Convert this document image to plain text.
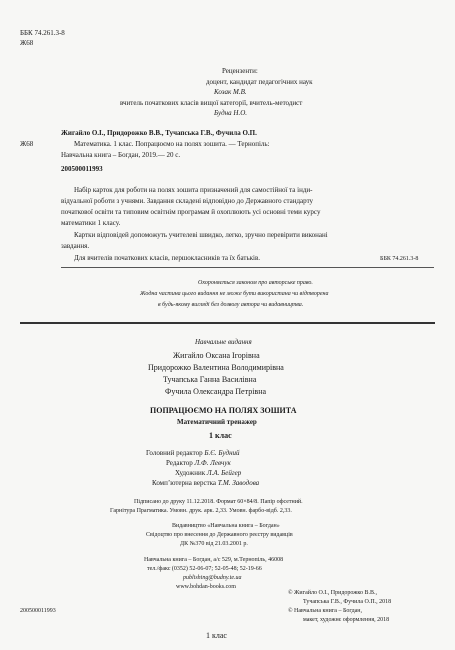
ББК 74.261.3-8
Ж68
Рецензенти:
доцент, кандидат педагогічних наук
Козак М.В.
вчитель початкових класів вищої категорії, вчитель-методист
Будна Н.О.
Ж68
Жигайло О.І., Придорожко В.В., Тучапська Г.В., Фучила О.П.
Математика. 1 клас. Попрацюємо на полях зошита. — Тернопіль:
Навчальна книга – Богдан, 2019.— 20 с.
200500011993
Набір карток для роботи на полях зошита призначений для самостійної та інди-
відуальної роботи з учнями. Завдання складені відповідно до Державного стандарту
початкової освіти та типовим освітнім програмам й охоплюють усі основні теми курсу
математики 1 класу.
Картки відповідей допоможуть учителеві швидко, легко, зручно перевірити виконані
завдання.
Для вчителів початкових класів, першокласників та їх батьків.	ББК 74.261.3-8
Охороняється законом про авторське право.
Жодна частина цього видання не може бути використана чи відтворена
в будь-якому вигляді без дозволу автора чи видавництва.
Навчальне видання
Жигайло Оксана Ігорівна
Придорожко Валентина Володимирівна
Тучапська Ганна Василівна
Фучила Олександра Петрівна
ПОПРАЦЮЄМО НА ПОЛЯХ ЗОШИТА
Математичний тренажер
1 клас
Головний редактор Б.Є. Будний
Редактор Л.Ф. Левчук
Художник Л.А. Бейгер
Комп’ютерна верстка Т.М. Заводова
Підписано до друку 11.12.2018. Формат 60×84/8. Папір офсетний.
Гарнітура Прагматика. Умовн. друк. арк. 2,33. Умовн. фарбо-відб. 2,33.
Видавництво «Навчальна книга – Богдан»
Свідоцтво про внесення до Державного реєстру видавців
ДК №370 від 21.03.2001 р.
Навчальна книга – Богдан, а/с 529, м.Тернопіль, 46008
тел./факс (0352) 52-06-07; 52-05-48; 52-19-66
publishing@budny.te.ua
www.bohdan-books.com
200500011993
© Жигайло О.І., Придорожко В.В.,
Тучапська Г.В., Фучила О.П., 2018
© Навчальна книга – Богдан,
макет, художнє оформлення, 2018
1 клас
